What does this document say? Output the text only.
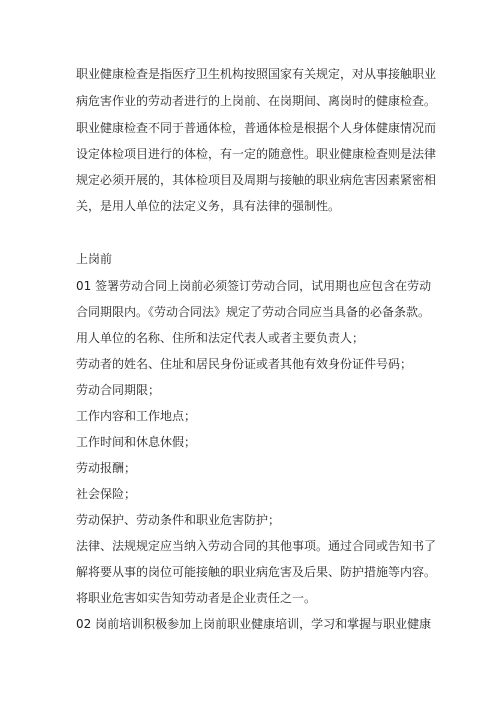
职业健康检查是指医疗卫生机构按照国家有关规定，对从事接触职业
病危害作业的劳动者进行的上岗前、在岗期间、离岗时的健康检查。
职业健康检查不同于普通体检，普通体检是根据个人身体健康情况而
设定体检项目进行的体检，有一定的随意性。职业健康检查则是法律
规定必须开展的，其体检项目及周期与接触的职业病危害因素紧密相
关，是用人单位的法定义务，具有法律的强制性。
上岗前
01 签署劳动合同上岗前必须签订劳动合同，试用期也应包含在劳动
合同期限内。《劳动合同法》规定了劳动合同应当具备的必备条款。
用人单位的名称、住所和法定代表人或者主要负责人；
劳动者的姓名、住址和居民身份证或者其他有效身份证件号码；
劳动合同期限；
工作内容和工作地点；
工作时间和休息休假；
劳动报酬；
社会保险；
劳动保护、劳动条件和职业危害防护；
法律、法规规定应当纳入劳动合同的其他事项。通过合同或告知书了
解将要从事的岗位可能接触的职业病危害及后果、防护措施等内容。
将职业危害如实告知劳动者是企业责任之一。
02 岗前培训积极参加上岗前职业健康培训，学习和掌握与职业健康
